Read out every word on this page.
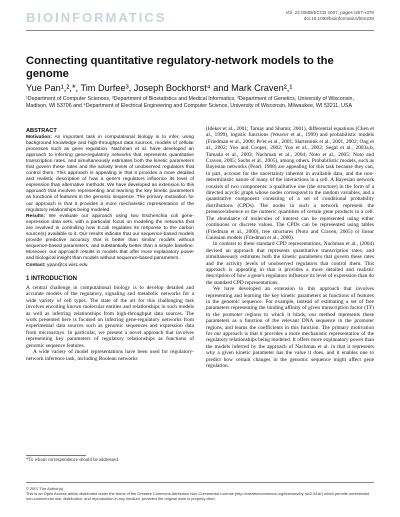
BIOINFORMATICS	Vol. 23 ISMB/ECCB 2007, pages i367–i376
doi:10.1093/bioinformatics/btm228
Connecting quantitative regulatory-network models to the genome
Yue Pan¹,²,*, Tim Durfee³, Joseph Bockhorst⁴ and Mark Craven²,¹
¹Department of Computer Sciences, ²Department of Biostatistics and Medical Informatics, ³Department of Genetics, University of Wisconsin, Madison, WI 53706 and ⁴Department of Electrical Engineering and Computer Science, University of Wisconsin, Milwaukee, WI 53211, USA
ABSTRACT

Motivation: An important task in computational biology is to infer, using background knowledge and high-throughput data sources, models of cellular processes such as gene regulation. Nachman et al. have developed an approach to inferring gene-regulatory networks that represents quantitative transcription rates, and simultaneously estimates both the kinetic parameters that govern these rates and the activity levels of unobserved regulators that control them. This approach is appealing in that it provides a more detailed and realistic description of how a gene's regulators influence its level of expression than alternative methods. We have developed an extension to this approach that involves representing and learning the key kinetic parameters as functions of features in the genomic sequence. The primary motivation for our approach is that it provides a more mechanistic representation of the regulatory relationships being modeled.

Results: We evaluate our approach using two Escherichia coli gene-expression data sets, with a particular focus on modeling the networks that are involved in controlling how E.coli regulates its response to the carbon source(s) available to it. Our results indicate that our sequence-based models provide predictive accuracy that is better than similar models without sequence-based parameters, and substantially better than a simple baseline. Moreover, our approach results in models that offer more explanatory power and biological insight than models without sequence-based parameters.

Contact: ypan@cs.wisc.edu

1 INTRODUCTION

A central challenge in computational biology is to develop detailed and accurate models of the regulatory, signaling and metabolic networks for a wide variety of cell types. The state of the art for this challenging task involves encoding known molecular entities and relationships in such models as well as inferring relationships from high-throughput data sources. The work presented here is focused on inferring gene-regulatory networks from experimental data sources such as genomic sequences and expression data from microarrays. In particular, we present a novel approach that involves representing key parameters of regulatory relationships as functions of genomic sequence features.

A wide variety of model representations have been used for regulatory-network inference task, including Boolean networks

*To whom correspondence should be addressed.

(Ideker et al., 2001; Tamay and Shamir, 2001), differential equations (Chen et al., 1999), logistic functions (Weaver et al., 1999) and probabilistic models (Friedman et al., 2000; Pe'er et al., 2001; Hartemink et al., 2001, 2002; Ong et al., 2002; Yoo and Cooper, 2002; Yoo et al., 2002; Segal et al., 2003a,b, Tamada et al., 2003; Nachman et al., 2004; Noto et al., 2005; Noto and Craven, 2005; Sachs et al., 2005), among others. Probabilistic models, such as Bayesian networks (Pearl, 1988) are appealing for this task because they can, in part, account for the uncertainty inherent in available data, and the non-deterministic nature of many of the interactions in a cell. A Bayesian network consists of two components: a qualitative one (the structure) in the form of a directed acyclic graph whose nodes correspond to the random variables, and a quantitative component consisting of a set of conditional probability distributions (CPDs). The nodes in such a network represent the presence/absence or the numeric quantities of certain gene products in a cell. The abundance of molecules of interest can be represented using either continuous or discrete values. The CPDs can be represented using tables (Friedman et al., 2000), tree structures (Noto and Craven, 2005) or linear Gaussian models (Friedman et al., 2000).

In contrast to these standard CPD representations, Nachman et al., (2004) devised an approach that represents quantitative transcription rates, and simultaneously estimates both the kinetic parameters that govern these rates and the activity levels of unobserved regulators that control them. This approach is appealing in that it provides a more detailed and realistic description of how a gene's regulators influence its level of expression than do the standard CPD representations.

We have developed an extension to this approach that involves representing and learning the key kinetic parameters as functions of features in the genomic sequence. For example, instead of estimating a set of free parameters representing the binding affinity of given transcription factor (TF) to the promoter regions to which it binds, our method represents these parameters as a function of the relevant DNA sequence in the promoter regions, and learns the coefficients in this function. The primary motivation for our approach is that it provides a more mechanistic representation of the regulatory relationships being modeled. It offers more explanatory power than the models inferred by the approach of Nachman et al. in that it represents why a given kinetic parameter has the value it does, and it enables one to predict how certain changes in the genomic sequence might affect gene regulation.

© 2007 The Author(s)
This is an Open Access article distributed under the terms of the Creative Commons Attribution Non-Commercial License (http://creativecommons.org/licenses/by-nc/2.0/uk/) which permits unrestricted non-commercial use, distribution, and reproduction in any medium, provided the original work is properly cited.
